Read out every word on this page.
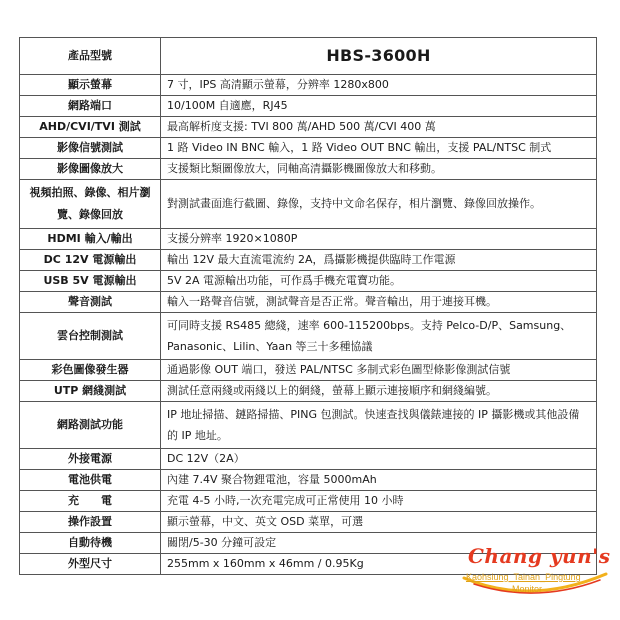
產品型號	HBS-3600H
顯示螢幕	7 寸，IPS 高清顯示螢幕，分辨率 1280x800
網路端口	10/100M 自適應，RJ45
AHD/CVI/TVI 測試	最高解析度支援: TVI 800 萬/AHD 500 萬/CVI 400 萬
影像信號測試	1 路 Video IN BNC 輸入，1 路 Video OUT BNC 輸出，支援 PAL/NTSC 制式
影像圖像放大	支援類比類圖像放大，同軸高清攝影機圖像放大和移動。
視頻拍照、錄像、相片瀏覽、錄像回放	對測試畫面進行截圖、錄像，支持中文命名保存，相片瀏覽、錄像回放操作。
HDMI 輸入/輸出	支援分辨率 1920×1080P
DC 12V 電源輸出	輸出 12V 最大直流電流約 2A，爲攝影機提供臨時工作電源
USB 5V 電源輸出	5V 2A 電源輸出功能，可作爲手機充電寶功能。
聲音測試	輸入一路聲音信號，測試聲音是否正常。聲音輸出，用于連接耳機。
雲台控制測試	可同時支援 RS485 總綫，速率 600-115200bps。支持 Pelco-D/P、Samsung、Panasonic、Lilin、Yaan 等三十多種協議
彩色圖像發生器	通過影像 OUT 端口，發送 PAL/NTSC 多制式彩色圖型條影像測試信號
UTP 網綫測試	測試任意兩綫或兩綫以上的網綫，螢幕上顯示連接順序和網綫編號。
網路測試功能	IP 地址掃描、鏈路掃描、PING 包測試。快速查找與儀錶連接的 IP 攝影機或其他設備的 IP 地址。
外接電源	DC 12V（2A）
電池供電	內建 7.4V 聚合物鋰電池，容量 5000mAh
充　　電	充電 4-5 小時,一次充電完成可正常使用 10 小時
操作設置	顯示螢幕，中文、英文 OSD 菜單，可選
自動待機	關閉/5-30 分鐘可設定
外型尺寸	255mm x 160mm x 46mm / 0.95Kg	Chang yun's
Kaohsiung_Tainan_Pingtung
Monitor
